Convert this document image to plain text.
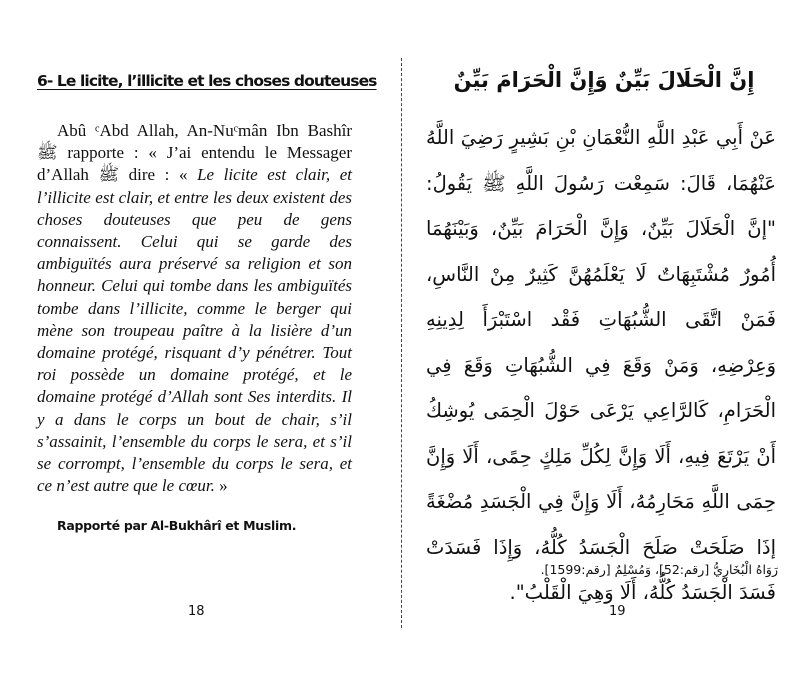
6- Le licite, l’illicite et les choses douteuses

Abû ᶜAbd Allah, An-Nuᶜmân Ibn Bashîr ﷺ rapporte : « J’ai entendu le Messager d’Allah ﷺ dire : « Le licite est clair, et l’illicite est clair, et entre les deux existent des choses douteuses que peu de gens connaissent. Celui qui se garde des ambiguïtés aura préservé sa religion et son honneur. Celui qui tombe dans les ambiguïtés tombe dans l’illicite, comme le berger qui mène son troupeau paître à la lisière d’un domaine protégé, risquant d’y pénétrer. Tout roi possède un domaine protégé, et le domaine protégé d’Allah sont Ses interdits. Il y a dans le corps un bout de chair, s’il s’assainit, l’ensemble du corps le sera, et s’il se corrompt, l’ensemble du corps le sera, et ce n’est autre que le cœur. »

Rapporté par Al-Bukhârî et Muslim.
18
إِنَّ الْحَلَالَ بَيِّنٌ وَإِنَّ الْحَرَامَ بَيِّنٌ
عَنْ أَبِي عَبْدِ اللَّهِ النُّعْمَانِ بْنِ بَشِيرٍ رَضِيَ اللَّهُ عَنْهُمَا، قَالَ: سَمِعْت رَسُولَ اللَّهِ ﷺ يَقُولُ: "إنَّ الْحَلَالَ بَيِّنٌ، وَإِنَّ الْحَرَامَ بَيِّنٌ، وَبَيْنَهُمَا أُمُورٌ مُشْتَبِهَاتٌ لَا يَعْلَمُهُنَّ كَثِيرٌ مِنْ النَّاسِ، فَمَنْ اتَّقَى الشُّبُهَاتِ فَقْد اسْتَبْرَأَ لِدِينِهِ وَعِرْضِهِ، وَمَنْ وَقَعَ فِي الشُّبُهَاتِ وَقَعَ فِي الْحَرَامِ، كَالرَّاعِي يَرْعَى حَوْلَ الْحِمَى يُوشِكُ أَنْ يَرْتَعَ فِيهِ، أَلَا وَإِنَّ لِكُلِّ مَلِكٍ حِمًى، أَلَا وَإِنَّ حِمَى اللَّهِ مَحَارِمُهُ، أَلَا وَإِنَّ فِي الْجَسَدِ مُضْغَةً إذَا صَلَحَتْ صَلَحَ الْجَسَدُ كُلُّهُ، وَإِذَا فَسَدَتْ فَسَدَ الْجَسَدُ كُلُّهُ، أَلَا وَهِيَ الْقَلْبُ".
رَوَاهُ الْبُخَارِيُّ [رقم:52]، وَمُسْلِمٌ [رقم:1599].
19
